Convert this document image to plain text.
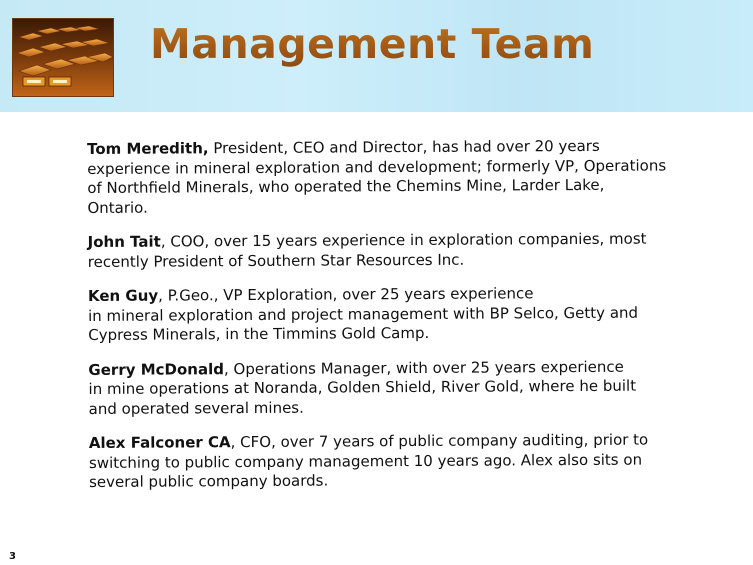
Management Team
Tom Meredith, President, CEO and Director, has had over 20 years
experience in mineral exploration and development; formerly VP, Operations
of Northfield Minerals, who operated the Chemins Mine, Larder Lake,
Ontario.
John Tait, COO, over 15 years experience in exploration companies, most
recently President of Southern Star Resources Inc.
Ken Guy, P.Geo., VP Exploration, over 25 years experience
in mineral exploration and project management with BP Selco, Getty and
Cypress Minerals, in the Timmins Gold Camp.
Gerry McDonald, Operations Manager, with over 25 years experience
in mine operations at Noranda, Golden Shield, River Gold, where he built
and operated several mines.
Alex Falconer CA, CFO, over 7 years of public company auditing, prior to
switching to public company management 10 years ago. Alex also sits on
several public company boards.
3
